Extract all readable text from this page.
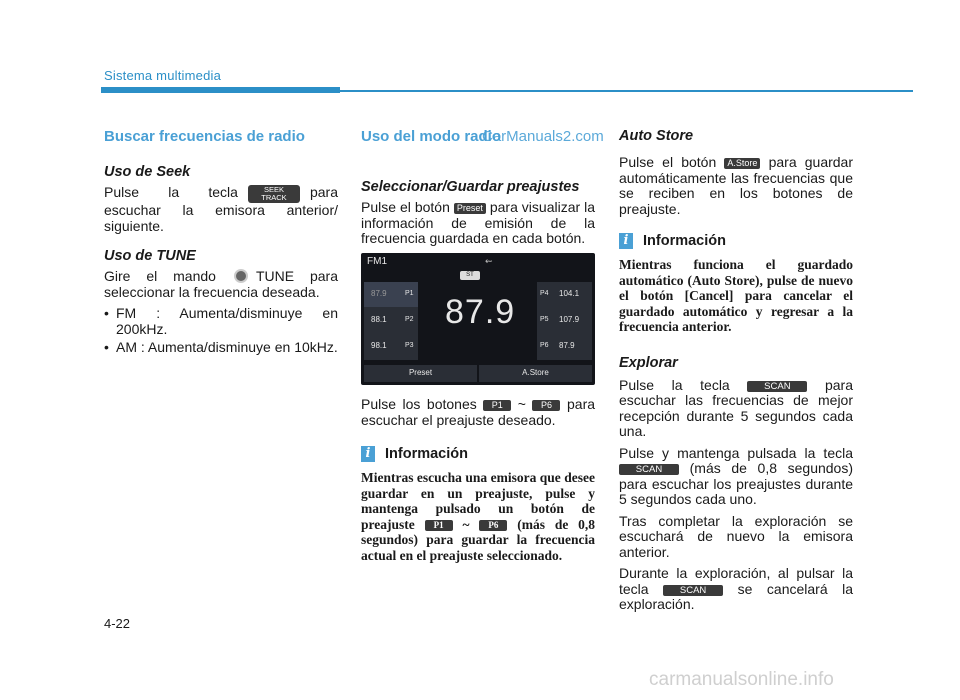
Sistema multimedia
Buscar frecuencias de radio
Uso de Seek

Pulse la tecla	SEEK
TRACK	para escuchar la emisora anterior/ siguiente.

Uso de TUNE

Gire el mando	TUNE para seleccionar la frecuencia deseada.

• FM : Aumenta/disminuye en 200kHz.
• AM : Aumenta/disminuye en 10kHz.
Uso del modo radio
Seleccionar/Guardar preajustes

Pulse el botón Preset para visualizar la información de emisión de la frecuencia guardada en cada botón.

FM1	⇜
ST
87.9	P1
88.1	P2
98.1	P3
87.9	P4 104.1
P5 107.9
P6 87.9
Preset	A.Store

Pulse los botones P1 ~ P6 para escuchar el preajuste deseado.

i	Información

Mientras escucha una emisora que desee guardar en un preajuste, pulse y mantenga pulsado un botón de preajuste P1 ~ P6 (más de 0,8 segundos) para guardar la frecuencia actual en el preajuste seleccionado.

Auto Store

Pulse el botón A.Store para guardar automáticamente las frecuencias que se reciben en los botones de preajuste.

i	Información

Mientras funciona el guardado automático (Auto Store), pulse de nuevo el botón [Cancel] para cancelar el guardado automático y regresar a la frecuencia anterior.

Explorar

Pulse la tecla	SCAN para escuchar las frecuencias de mejor recepción durante 5 segundos cada una.

Pulse y mantenga pulsada la tecla SCAN (más de 0,8 segundos) para escuchar los preajustes durante 5 segundos cada uno.

Tras completar la exploración se escuchará de nuevo la emisora anterior.

Durante la exploración, al pulsar la tecla	SCAN se cancelará la exploración.

CarManuals2.com
4-22
carmanualsonline.info
